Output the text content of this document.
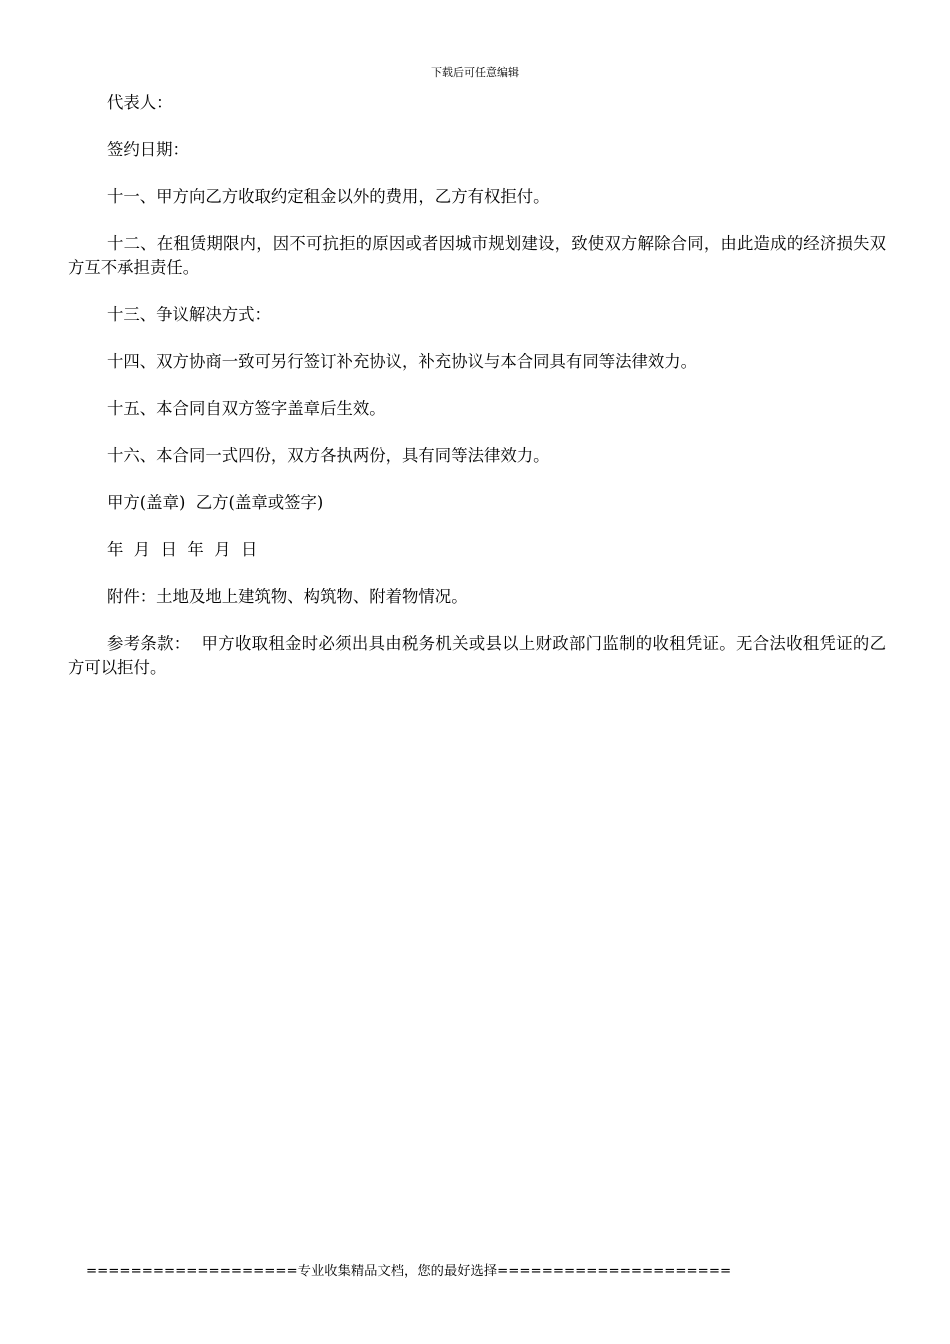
下载后可任意编辑

代表人：

签约日期：

十一、甲方向乙方收取约定租金以外的费用，乙方有权拒付。

十二、在租赁期限内，因不可抗拒的原因或者因城市规划建设，致使双方解除合同，由此造成的经济损失双方互不承担责任。

十三、争议解决方式：

十四、双方协商一致可另行签订补充协议，补充协议与本合同具有同等法律效力。

十五、本合同自双方签字盖章后生效。

十六、本合同一式四份，双方各执两份，具有同等法律效力。

甲方(盖章)  乙方(盖章或签字)

年  月  日  年  月  日

附件：土地及地上建筑物、构筑物、附着物情况。

参考条款：  甲方收取租金时必须出具由税务机关或县以上财政部门监制的收租凭证。无合法收租凭证的乙方可以拒付。

===================专业收集精品文档，您的最好选择=====================
